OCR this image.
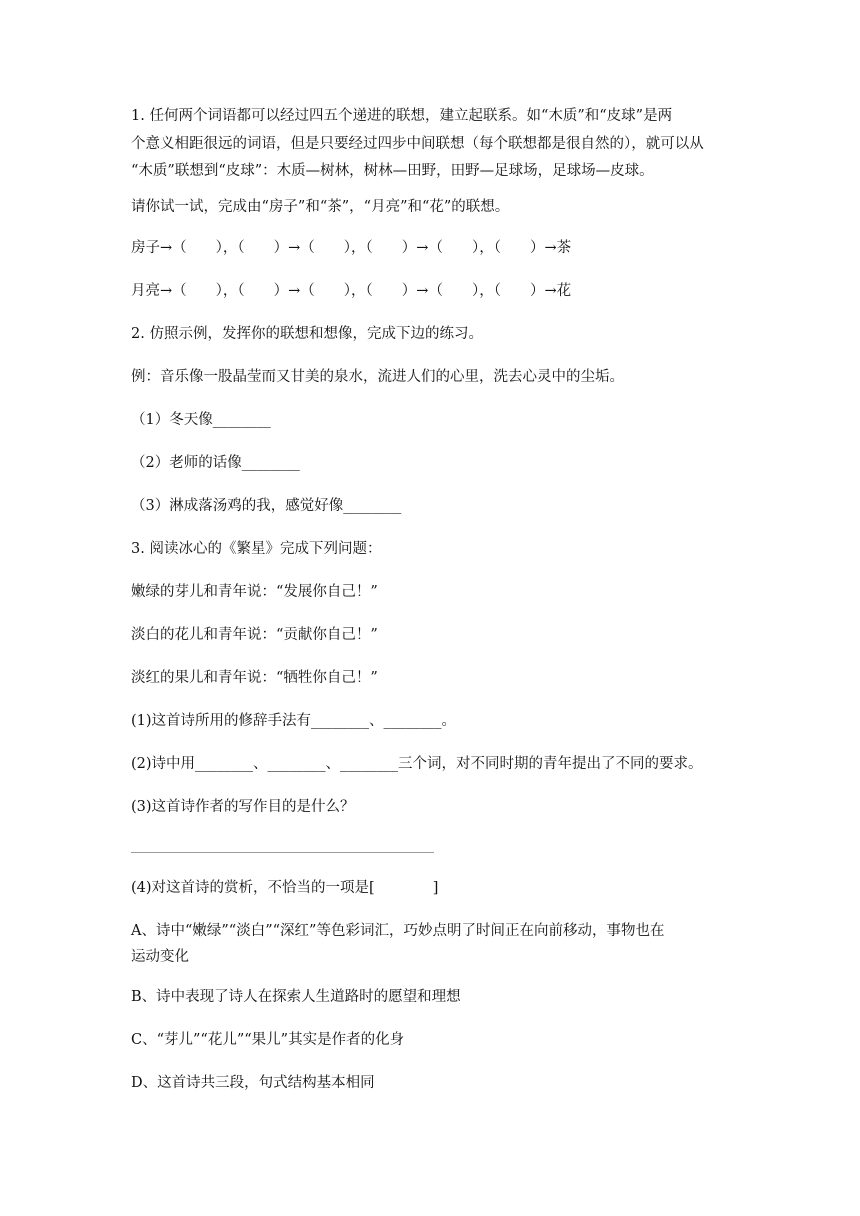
1. 任何两个词语都可以经过四五个递进的联想，建立起联系。如“木质”和“皮球”是两
个意义相距很远的词语，但是只要经过四步中间联想（每个联想都是很自然的），就可以从
“木质”联想到“皮球”：木质—树林，树林—田野，田野—足球场，足球场—皮球。
请你试一试，完成由“房子”和“茶”，“月亮”和“花”的联想。
房子→（　　），（　　）→（　　），（　　）→（　　），（　　）→茶
月亮→（　　），（　　）→（　　），（　　）→（　　），（　　）→花
2. 仿照示例，发挥你的联想和想像，完成下边的练习。
例：音乐像一股晶莹而又甘美的泉水，流进人们的心里，洗去心灵中的尘垢。
（1）冬天像________
（2）老师的话像________
（3）淋成落汤鸡的我，感觉好像________
3. 阅读冰心的《繁星》完成下列问题：
嫩绿的芽儿和青年说：“发展你自己！”
淡白的花儿和青年说：“贡献你自己！”
淡红的果儿和青年说：“牺牲你自己！”
(1)这首诗所用的修辞手法有________、________。
(2)诗中用________、________、________三个词，对不同时期的青年提出了不同的要求。
(3)这首诗作者的写作目的是什么？
(4)对这首诗的赏析，不恰当的一项是[　　　　]
A、诗中“嫩绿”“淡白”“深红”等色彩词汇，巧妙点明了时间正在向前移动，事物也在
运动变化
B、诗中表现了诗人在探索人生道路时的愿望和理想
C、“芽儿”“花儿”“果儿”其实是作者的化身
D、这首诗共三段，句式结构基本相同
